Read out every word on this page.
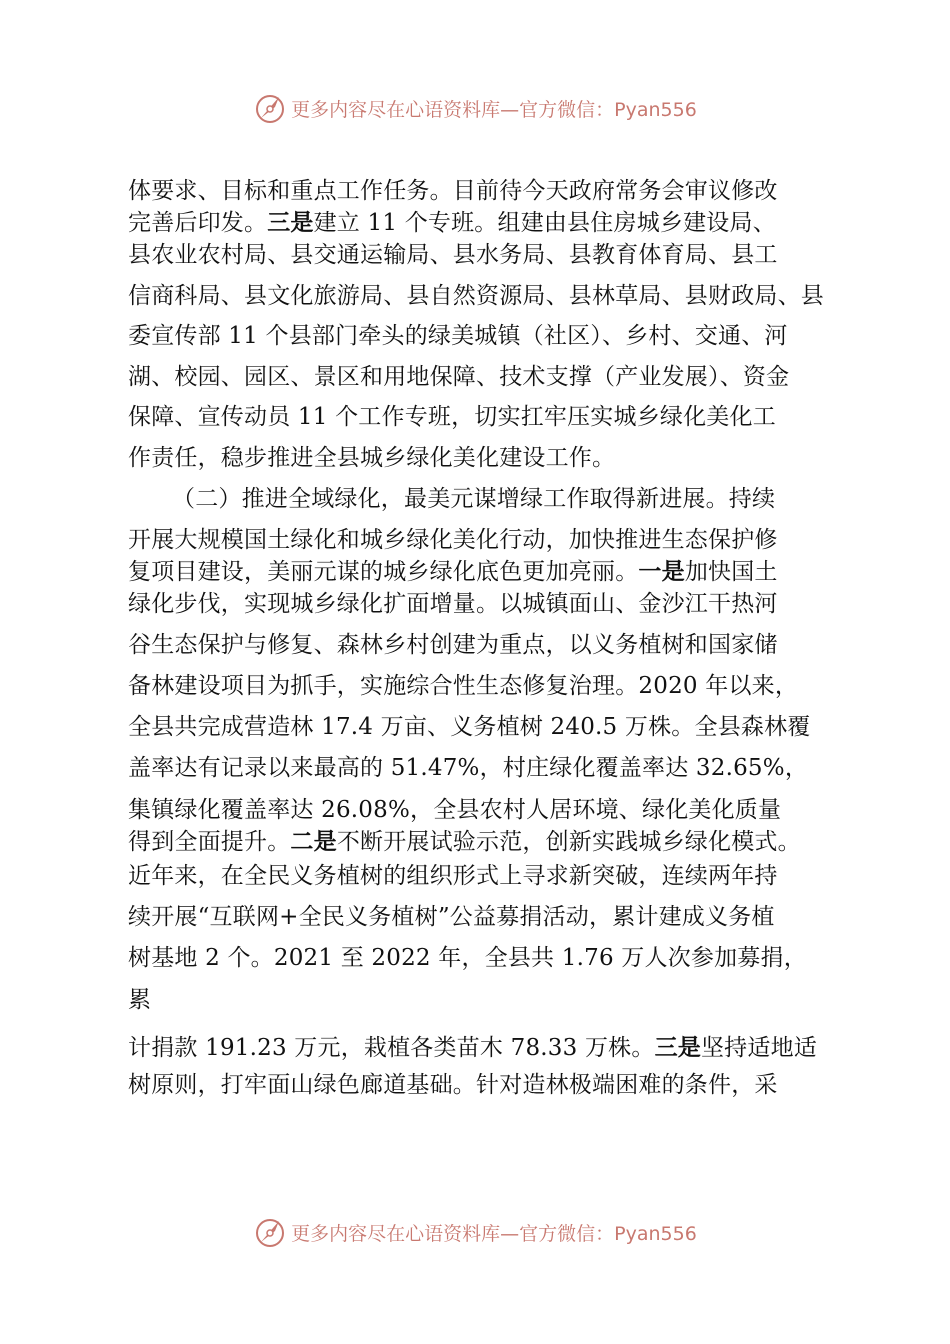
更多内容尽在心语资料库—官方微信：Pyan556
体要求、目标和重点工作任务。目前待今天政府常务会审议修改
完善后印发。三是建立 11 个专班。组建由县住房城乡建设局、
县农业农村局、县交通运输局、县水务局、县教育体育局、县工
信商科局、县文化旅游局、县自然资源局、县林草局、县财政局、县
委宣传部 11 个县部门牵头的绿美城镇（社区）、乡村、交通、河
湖、校园、园区、景区和用地保障、技术支撑（产业发展）、资金
保障、宣传动员 11 个工作专班，切实扛牢压实城乡绿化美化工
作责任，稳步推进全县城乡绿化美化建设工作。
（二）推进全域绿化，最美元谋增绿工作取得新进展。持续
开展大规模国土绿化和城乡绿化美化行动，加快推进生态保护修
复项目建设，美丽元谋的城乡绿化底色更加亮丽。一是加快国土
绿化步伐，实现城乡绿化扩面增量。以城镇面山、金沙江干热河
谷生态保护与修复、森林乡村创建为重点，以义务植树和国家储
备林建设项目为抓手，实施综合性生态修复治理。2020 年以来，
全县共完成营造林 17.4 万亩、义务植树 240.5 万株。全县森林覆
盖率达有记录以来最高的 51.47%，村庄绿化覆盖率达 32.65%，
集镇绿化覆盖率达 26.08%，全县农村人居环境、绿化美化质量
得到全面提升。二是不断开展试验示范，创新实践城乡绿化模式。
近年来，在全民义务植树的组织形式上寻求新突破，连续两年持
续开展“互联网+全民义务植树”公益募捐活动，累计建成义务植
树基地 2 个。2021 至 2022 年，全县共 1.76 万人次参加募捐，
累
计捐款 191.23 万元，栽植各类苗木 78.33 万株。三是坚持适地适
树原则，打牢面山绿色廊道基础。针对造林极端困难的条件，采
更多内容尽在心语资料库—官方微信：Pyan556
